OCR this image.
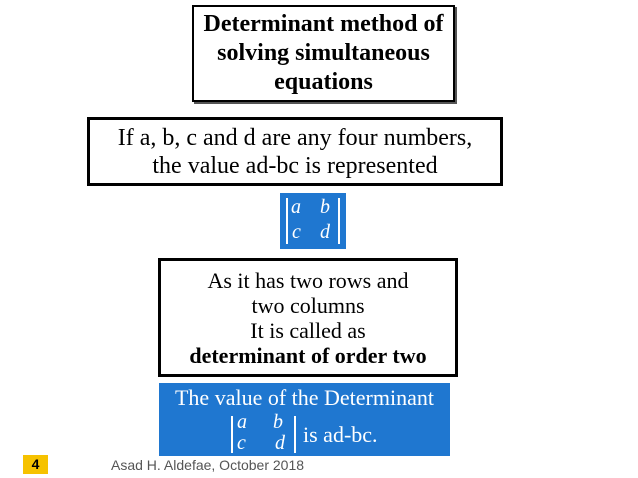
Determinant method of
solving simultaneous
equations
If a, b, c and d are any four numbers,
the value ad-bc is represented
a b
c d
As it has two rows and
two columns
It is called as
determinant of order two
The value of the Determinant
a b
c d is ad-bc.
4	Asad H. Aldefae, October 2018
